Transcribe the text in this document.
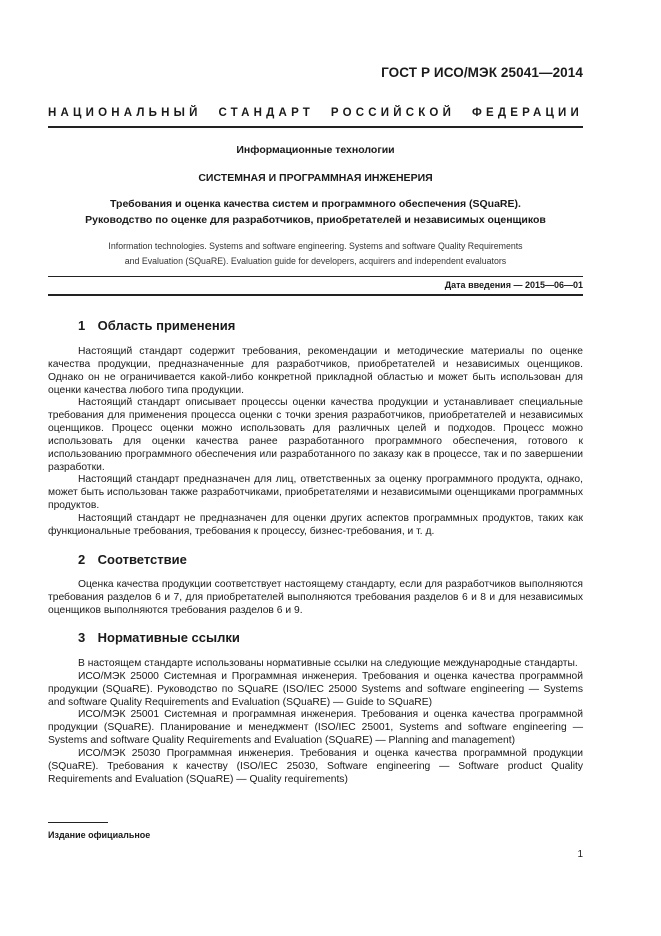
ГОСТ Р ИСО/МЭК 25041—2014
НАЦИОНАЛЬНЫЙ СТАНДАРТ РОССИЙСКОЙ ФЕДЕРАЦИИ
Информационные технологии
СИСТЕМНАЯ И ПРОГРАММНАЯ ИНЖЕНЕРИЯ
Требования и оценка качества систем и программного обеспечения (SQuaRE).
Руководство по оценке для разработчиков, приобретателей и независимых оценщиков
Information technologies. Systems and software engineering. Systems and software Quality Requirements
and Evaluation (SQuaRE). Evaluation guide for developers, acquirers and independent evaluators
Дата введения — 2015—06—01
1 Область применения

Настоящий стандарт содержит требования, рекомендации и методические материалы по оценке качества продукции, предназначенные для разработчиков, приобретателей и независимых оценщиков. Однако он не ограничивается какой-либо конкретной прикладной областью и может быть использован для оценки качества любого типа продукции.

Настоящий стандарт описывает процессы оценки качества продукции и устанавливает специальные требования для применения процесса оценки с точки зрения разработчиков, приобретателей и независимых оценщиков. Процесс оценки можно использовать для различных целей и подходов. Процесс можно использовать для оценки качества ранее разработанного программного обеспечения, готового к использованию программного обеспечения или разработанного по заказу как в процессе, так и по завершении разработки.

Настоящий стандарт предназначен для лиц, ответственных за оценку программного продукта, однако, может быть использован также разработчиками, приобретателями и независимыми оценщиками программных продуктов.

Настоящий стандарт не предназначен для оценки других аспектов программных продуктов, таких как функциональные требования, требования к процессу, бизнес-требования, и т. д.

2 Соответствие

Оценка качества продукции соответствует настоящему стандарту, если для разработчиков выполняются требования разделов 6 и 7, для приобретателей выполняются требования разделов 6 и 8 и для независимых оценщиков выполняются требования разделов 6 и 9.

3 Нормативные ссылки

В настоящем стандарте использованы нормативные ссылки на следующие международные стандарты.

ИСО/МЭК 25000 Системная и Программная инженерия. Требования и оценка качества программной продукции (SQuaRE). Руководство по SQuaRE (ISO/IEC 25000 Systems and software engineering — Systems and software Quality Requirements and Evaluation (SQuaRE) — Guide to SQuaRE)

ИСО/МЭК 25001 Системная и программная инженерия. Требования и оценка качества программной продукции (SQuaRE). Планирование и менеджмент (ISO/IEC 25001, Systems and software engineering — Systems and software Quality Requirements and Evaluation (SQuaRE) — Planning and management)

ИСО/МЭК 25030 Программная инженерия. Требования и оценка качества программной продукции (SQuaRE). Требования к качеству (ISO/IEC 25030, Software engineering — Software product Quality Requirements and Evaluation (SQuaRE) — Quality requirements)

Издание официальное
1
